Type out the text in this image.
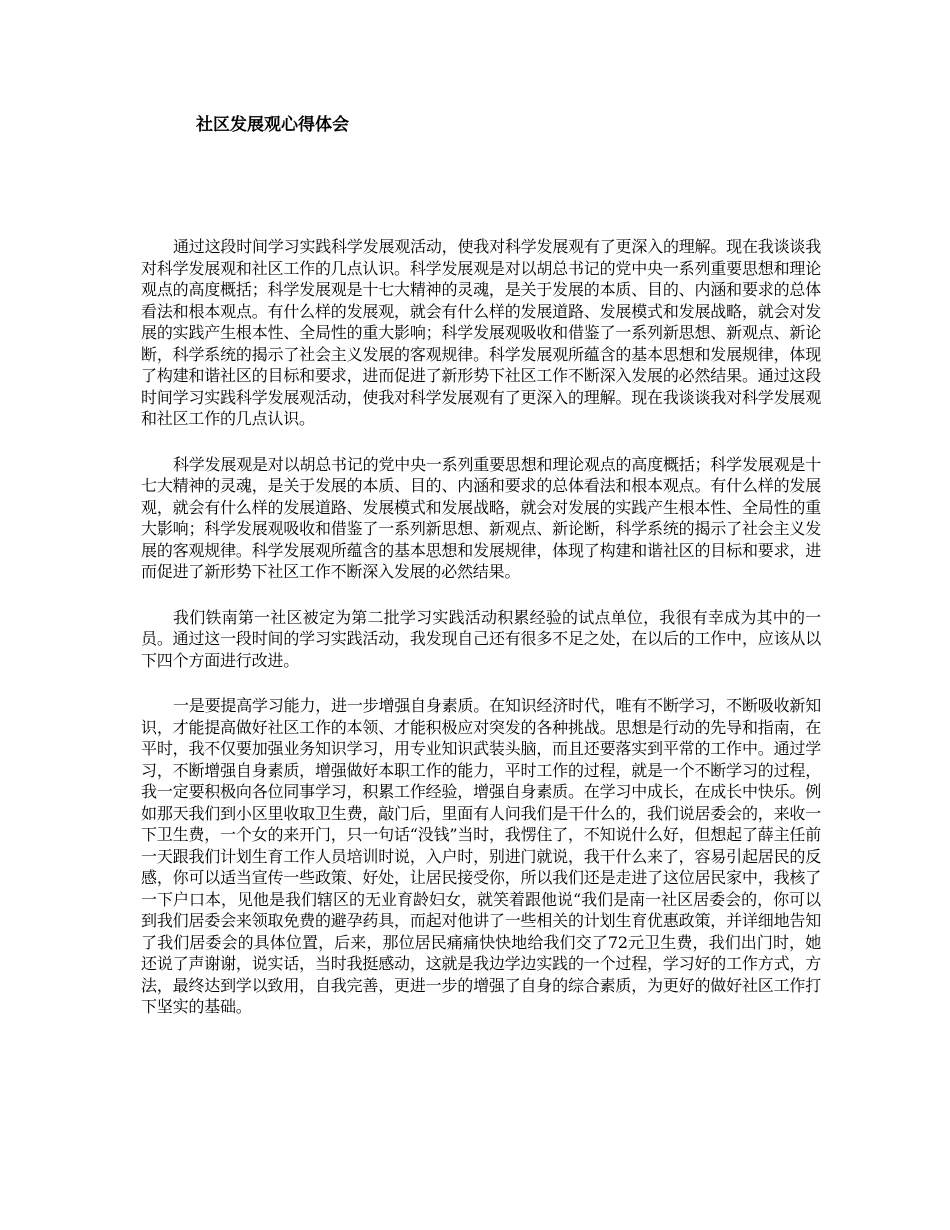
社区发展观心得体会

通过这段时间学习实践科学发展观活动，使我对科学发展观有了更深入的理解。现在我谈谈我对科学发展观和社区工作的几点认识。科学发展观是对以胡总书记的党中央一系列重要思想和理论观点的高度概括；科学发展观是十七大精神的灵魂，是关于发展的本质、目的、内涵和要求的总体看法和根本观点。有什么样的发展观，就会有什么样的发展道路、发展模式和发展战略，就会对发展的实践产生根本性、全局性的重大影响；科学发展观吸收和借鉴了一系列新思想、新观点、新论断，科学系统的揭示了社会主义发展的客观规律。科学发展观所蕴含的基本思想和发展规律，体现了构建和谐社区的目标和要求，进而促进了新形势下社区工作不断深入发展的必然结果。通过这段时间学习实践科学发展观活动，使我对科学发展观有了更深入的理解。现在我谈谈我对科学发展观和社区工作的几点认识。

科学发展观是对以胡总书记的党中央一系列重要思想和理论观点的高度概括；科学发展观是十七大精神的灵魂，是关于发展的本质、目的、内涵和要求的总体看法和根本观点。有什么样的发展观，就会有什么样的发展道路、发展模式和发展战略，就会对发展的实践产生根本性、全局性的重大影响；科学发展观吸收和借鉴了一系列新思想、新观点、新论断，科学系统的揭示了社会主义发展的客观规律。科学发展观所蕴含的基本思想和发展规律，体现了构建和谐社区的目标和要求，进而促进了新形势下社区工作不断深入发展的必然结果。

我们铁南第一社区被定为第二批学习实践活动积累经验的试点单位，我很有幸成为其中的一员。通过这一段时间的学习实践活动，我发现自己还有很多不足之处，在以后的工作中，应该从以下四个方面进行改进。

一是要提高学习能力，进一步增强自身素质。在知识经济时代，唯有不断学习，不断吸收新知识，才能提高做好社区工作的本领、才能积极应对突发的各种挑战。思想是行动的先导和指南，在平时，我不仅要加强业务知识学习，用专业知识武装头脑，而且还要落实到平常的工作中。通过学习，不断增强自身素质，增强做好本职工作的能力，平时工作的过程，就是一个不断学习的过程，我一定要积极向各位同事学习，积累工作经验，增强自身素质。在学习中成长，在成长中快乐。例如那天我们到小区里收取卫生费，敲门后，里面有人问我们是干什么的，我们说居委会的，来收一下卫生费，一个女的来开门，只一句话“没钱”当时，我愣住了，不知说什么好，但想起了薛主任前一天跟我们计划生育工作人员培训时说，入户时，别进门就说，我干什么来了，容易引起居民的反感，你可以适当宣传一些政策、好处，让居民接受你，所以我们还是走进了这位居民家中，我核了一下户口本，见他是我们辖区的无业育龄妇女，就笑着跟他说“我们是南一社区居委会的，你可以到我们居委会来领取免费的避孕药具，而起对他讲了一些相关的计划生育优惠政策，并详细地告知了我们居委会的具体位置，后来，那位居民痛痛快快地给我们交了72元卫生费，我们出门时，她还说了声谢谢，说实话，当时我挺感动，这就是我边学边实践的一个过程，学习好的工作方式，方法，最终达到学以致用，自我完善，更进一步的增强了自身的综合素质，为更好的做好社区工作打下坚实的基础。
